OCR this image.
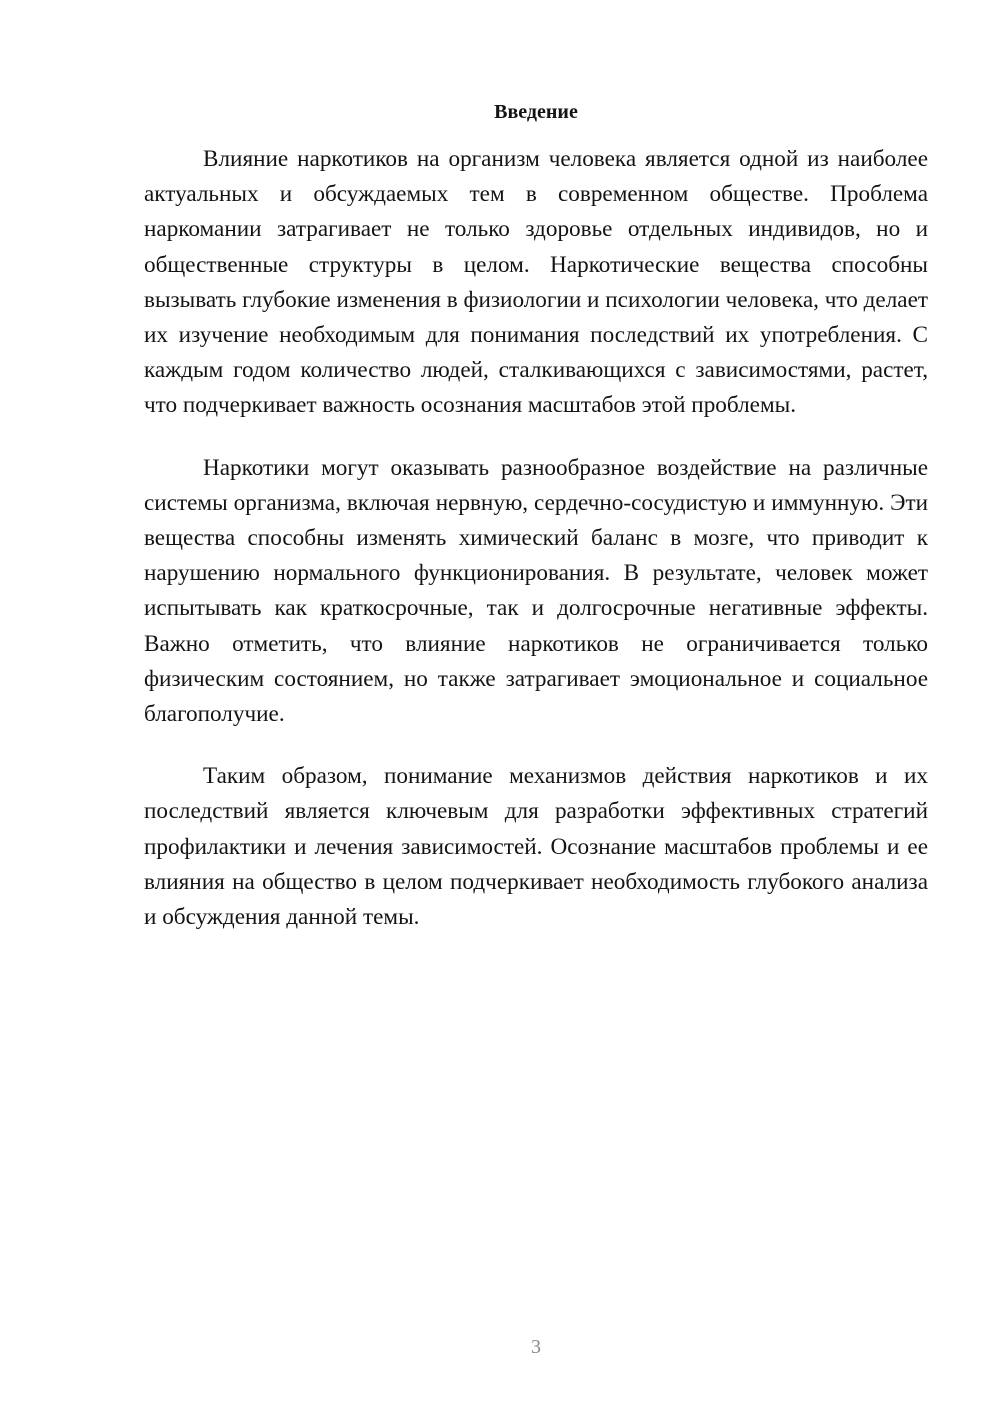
Введение

Влияние наркотиков на организм человека является одной из наиболее актуальных и обсуждаемых тем в современном обществе. Проблема наркомании затрагивает не только здоровье отдельных индивидов, но и общественные структуры в целом. Наркотические вещества способны вызывать глубокие изменения в физиологии и психологии человека, что делает их изучение необходимым для понимания последствий их употребления. С каждым годом количество людей, сталкивающихся с зависимостями, растет, что подчеркивает важность осознания масштабов этой проблемы.

Наркотики могут оказывать разнообразное воздействие на различные системы организма, включая нервную, сердечно-сосудистую и иммунную. Эти вещества способны изменять химический баланс в мозге, что приводит к нарушению нормального функционирования. В результате, человек может испытывать как краткосрочные, так и долгосрочные негативные эффекты. Важно отметить, что влияние наркотиков не ограничивается только физическим состоянием, но также затрагивает эмоциональное и социальное благополучие.

Таким образом, понимание механизмов действия наркотиков и их последствий является ключевым для разработки эффективных стратегий профилактики и лечения зависимостей. Осознание масштабов проблемы и ее влияния на общество в целом подчеркивает необходимость глубокого анализа и обсуждения данной темы.

3
